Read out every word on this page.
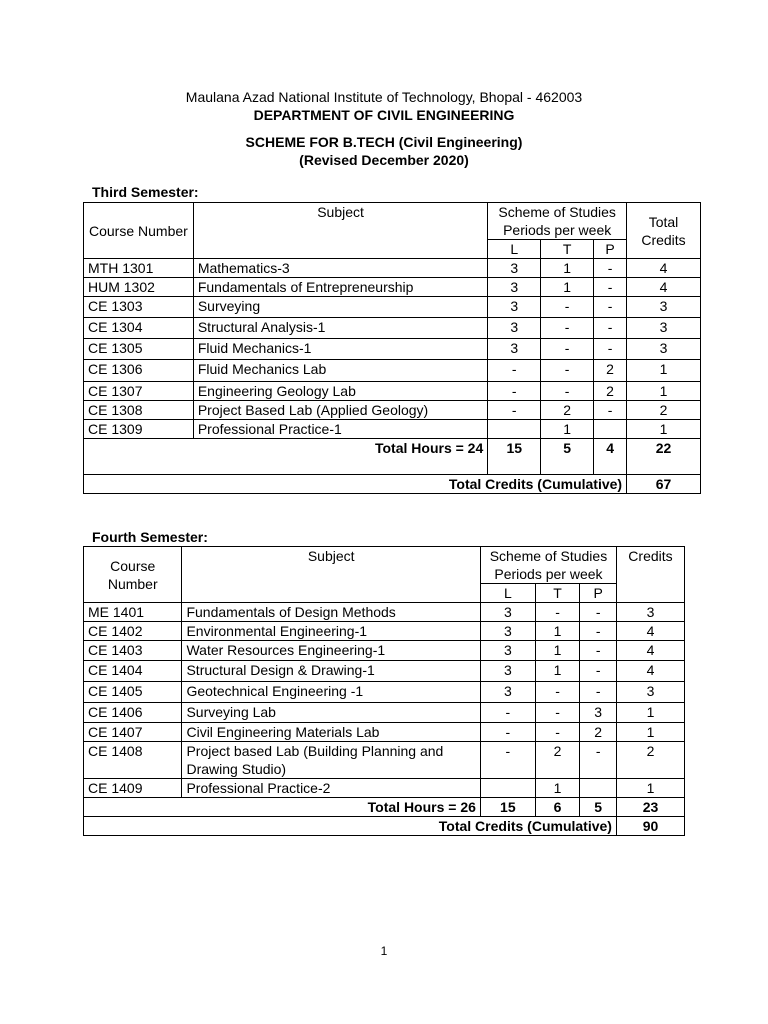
Maulana Azad National Institute of Technology, Bhopal - 462003
DEPARTMENT OF CIVIL ENGINEERING
SCHEME FOR B.TECH (Civil Engineering)
(Revised December 2020)
Third Semester:
Course Number	Subject	Scheme of Studies Periods per week			Total Credits
		L	T	P	
MTH 1301	Mathematics-3	3	1	-	4
HUM 1302	Fundamentals of Entrepreneurship	3	1	-	4
CE 1303	Surveying	3	-	-	3
CE 1304	Structural Analysis-1	3	-	-	3
CE 1305	Fluid Mechanics-1	3	-	-	3
CE 1306	Fluid Mechanics Lab	-	-	2	1
CE 1307	Engineering Geology Lab	-	-	2	1
CE 1308	Project Based Lab (Applied Geology)	-	2	-	2
CE 1309	Professional Practice-1		1		1
Total Hours = 24	15	5	4	22
Total Credits (Cumulative)				67
Fourth Semester:
Course Number	Subject	Scheme of Studies Periods per week			Credits
		L	T	P	
ME 1401	Fundamentals of Design Methods	3	-	-	3
CE 1402	Environmental Engineering-1	3	1	-	4
CE 1403	Water Resources Engineering-1	3	1	-	4
CE 1404	Structural Design & Drawing-1	3	1	-	4
CE 1405	Geotechnical Engineering -1	3	-	-	3
CE 1406	Surveying Lab	-	-	3	1
CE 1407	Civil Engineering Materials Lab	-	-	2	1
CE 1408	Project based Lab (Building Planning and Drawing Studio)	-	2	-	2
CE 1409	Professional Practice-2		1		1
Total Hours = 26	15	6	5	23
Total Credits (Cumulative)				90
1
